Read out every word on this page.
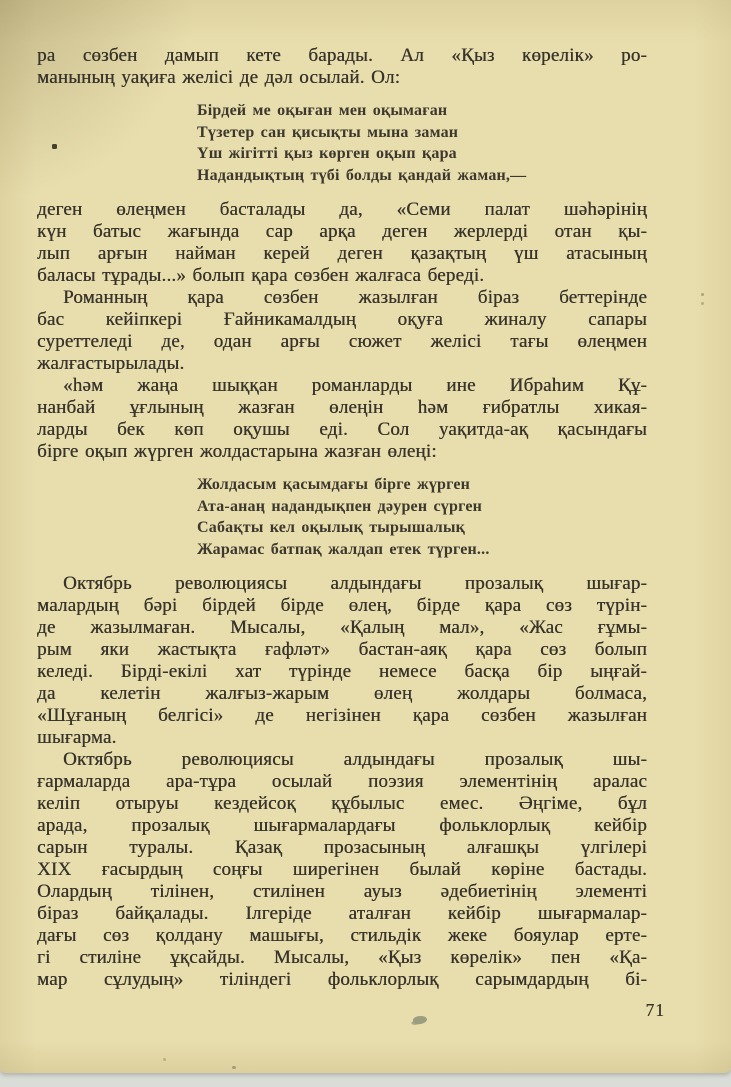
ра сөзбен дамып кете барады. Ал «Қыз көрелік» ро-
манының уақиға желісі де дәл осылай. Ол:
Бірдей ме оқыған мен оқымаған
Түзетер сан қисықты мына заман
Үш жігітті қыз көрген оқып қара
Надандықтың түбі болды қандай жаман,—
деген өлеңмен басталады да, «Семи палат шәһәрінің
күн батыс жағында сар арқа деген жерлерді отан қы-
лып арғын найман керей деген қазақтың үш атасының
баласы тұрады...» болып қара сөзбен жалғаса береді.
Романның қара сөзбен жазылған біраз беттерінде
бас кейіпкері Ғайникамалдың оқуға жиналу сапары
суреттеледі де, одан арғы сюжет желісі тағы өлеңмен
жалғастырылады.
«һәм жаңа шыққан романларды ине Ибраһим Құ-
нанбай ұғлының жазған өлеңін һәм ғибратлы хикая-
ларды бек көп оқушы еді. Сол уақитда-ақ қасындағы
бірге оқып жүрген жолдастарына жазған өлеңі:
Жолдасым қасымдағы бірге жүрген
Ата-анаң надандықпен дәурен сүрген
Сабақты кел оқылық тырышалық
Жарамас батпақ жалдап етек түрген...
Октябрь революциясы алдындағы прозалық шығар-
малардың бәрі бірдей бірде өлең, бірде қара сөз түрін-
де жазылмаған. Мысалы, «Қалың мал», «Жас ғұмы-
рым яки жастықта ғафләт» бастан-аяқ қара сөз болып
келеді. Бірді-екілі хат түрінде немесе басқа бір ыңғай-
да келетін жалғыз-жарым өлең жолдары болмаса,
«Шұғаның белгісі» де негізінен қара сөзбен жазылған
шығарма.
Октябрь революциясы алдындағы прозалық шы-
ғармаларда ара-тұра осылай поэзия элементінің аралас
келіп отыруы кездейсоқ құбылыс емес. Әңгіме, бұл
арада, прозалық шығармалардағы фольклорлық кейбір
сарын туралы. Қазақ прозасының алғашқы үлгілері
XIX ғасырдың соңғы ширегінен былай көріне бастады.
Олардың тілінен, стилінен ауыз әдебиетінің элементі
біраз байқалады. Ілгеріде аталған кейбір шығармалар-
дағы сөз қолдану машығы, стильдік жеке бояулар ерте-
гі стиліне ұқсайды. Мысалы, «Қыз көрелік» пен «Қа-
мар сұлудың» тіліндегі фольклорлық сарымдардың бі-
71
